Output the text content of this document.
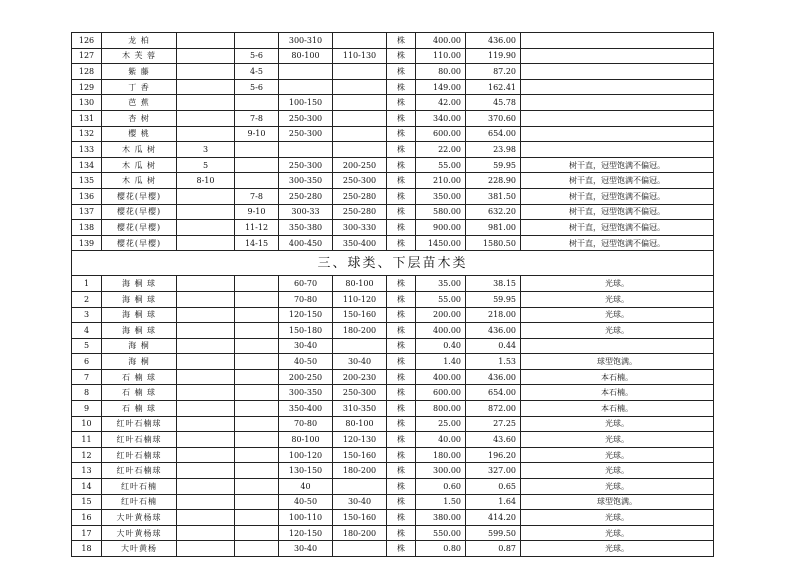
126	龙 柏			300-310		株	400.00	436.00	
127	木 芙 蓉		5-6	80-100	110-130	株	110.00	119.90	
128	紫 藤		4-5			株	80.00	87.20	
129	丁 香		5-6			株	149.00	162.41	
130	芭 蕉			100-150		株	42.00	45.78	
131	杏 树		7-8	250-300		株	340.00	370.60	
132	樱 桃		9-10	250-300		株	600.00	654.00	
133	木 瓜 树	3				株	22.00	23.98	
134	木 瓜 树	5		250-300	200-250	株	55.00	59.95	树干直，冠型饱满不偏冠。
135	木 瓜 树	8-10		300-350	250-300	株	210.00	228.90	树干直，冠型饱满不偏冠。
136	樱花(早樱)		7-8	250-280	250-280	株	350.00	381.50	树干直，冠型饱满不偏冠。
137	樱花(早樱)		9-10	300-33	250-280	株	580.00	632.20	树干直，冠型饱满不偏冠。
138	樱花(早樱)		11-12	350-380	300-330	株	900.00	981.00	树干直，冠型饱满不偏冠。
139	樱花(早樱)		14-15	400-450	350-400	株	1450.00	1580.50	树干直，冠型饱满不偏冠。
三、球类、下层苗木类									
1	海 桐 球			60-70	80-100	株	35.00	38.15	光球。
2	海 桐 球			70-80	110-120	株	55.00	59.95	光球。
3	海 桐 球			120-150	150-160	株	200.00	218.00	光球。
4	海 桐 球			150-180	180-200	株	400.00	436.00	光球。
5	海 桐			30-40		株	0.40	0.44	
6	海 桐			40-50	30-40	株	1.40	1.53	球型饱满。
7	石 楠 球			200-250	200-230	株	400.00	436.00	本石楠。
8	石 楠 球			300-350	250-300	株	600.00	654.00	本石楠。
9	石 楠 球			350-400	310-350	株	800.00	872.00	本石楠。
10	红叶石楠球			70-80	80-100	株	25.00	27.25	光球。
11	红叶石楠球			80-100	120-130	株	40.00	43.60	光球。
12	红叶石楠球			100-120	150-160	株	180.00	196.20	光球。
13	红叶石楠球			130-150	180-200	株	300.00	327.00	光球。
14	红叶石楠			40		株	0.60	0.65	光球。
15	红叶石楠			40-50	30-40	株	1.50	1.64	球型饱满。
16	大叶黄杨球			100-110	150-160	株	380.00	414.20	光球。
17	大叶黄杨球			120-150	180-200	株	550.00	599.50	光球。
18	大叶黄杨			30-40		株	0.80	0.87	光球。
